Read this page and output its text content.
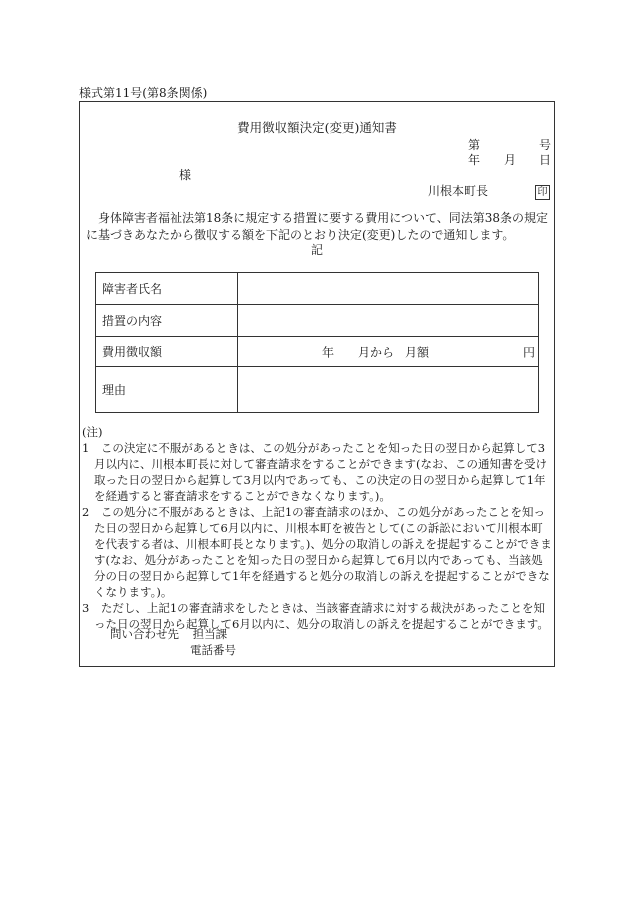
様式第11号(第8条関係)
費用徴収額決定(変更)通知書
第	号
年 月 日
様
川根本町長	印
身体障害者福祉法第18条に規定する措置に要する費用について、同法第38条の規定に基づきあなたから徴収する額を下記のとおり決定(変更)したので通知します。
記
障害者氏名	
措置の内容	
費用徴収額	年 月から 月額 円

理由	
(注)

1　この決定に不服があるときは、この処分があったことを知った日の翌日から起算して3月以内に、川根本町長に対して審査請求をすることができます(なお、この通知書を受け取った日の翌日から起算して3月以内であっても、この決定の日の翌日から起算して1年を経過すると審査請求をすることができなくなります。)。

2　この処分に不服があるときは、上記1の審査請求のほか、この処分があったことを知った日の翌日から起算して6月以内に、川根本町を被告として(この訴訟において川根本町を代表する者は、川根本町長となります。)、処分の取消しの訴えを提起することができます(なお、処分があったことを知った日の翌日から起算して6月以内であっても、当該処分の日の翌日から起算して1年を経過すると処分の取消しの訴えを提起することができなくなります。)。

3　ただし、上記1の審査請求をしたときは、当該審査請求に対する裁決があったことを知った日の翌日から起算して6月以内に、処分の取消しの訴えを提起することができます。

問い合わせ先 担当課
電話番号
